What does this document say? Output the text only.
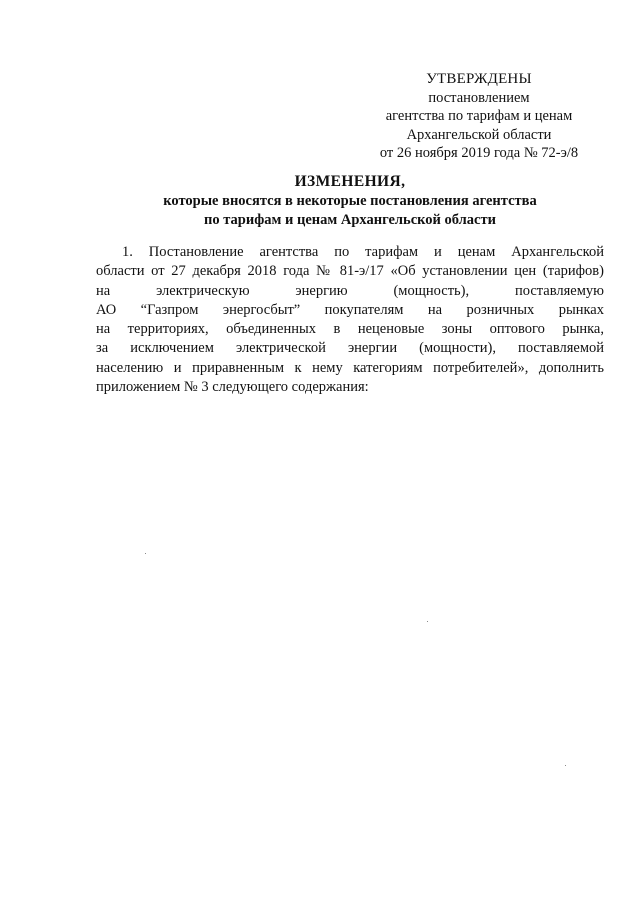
УТВЕРЖДЕНЫ
постановлением
агентства по тарифам и ценам
Архангельской области
от 26 ноября 2019 года № 72-э/8
ИЗМЕНЕНИЯ,
которые вносятся в некоторые постановления агентства
по тарифам и ценам Архангельской области
1. Постановление агентства по тарифам и ценам Архангельской
области от 27 декабря 2018 года № 81-э/17 «Об установлении цен (тарифов)
на электрическую энергию (мощность), поставляемую
АО “Газпром энергосбыт” покупателям на розничных рынках
на территориях, объединенных в неценовые зоны оптового рынка,
за исключением электрической энергии (мощности), поставляемой
населению и приравненным к нему категориям потребителей», дополнить
приложением № 3 следующего содержания:
